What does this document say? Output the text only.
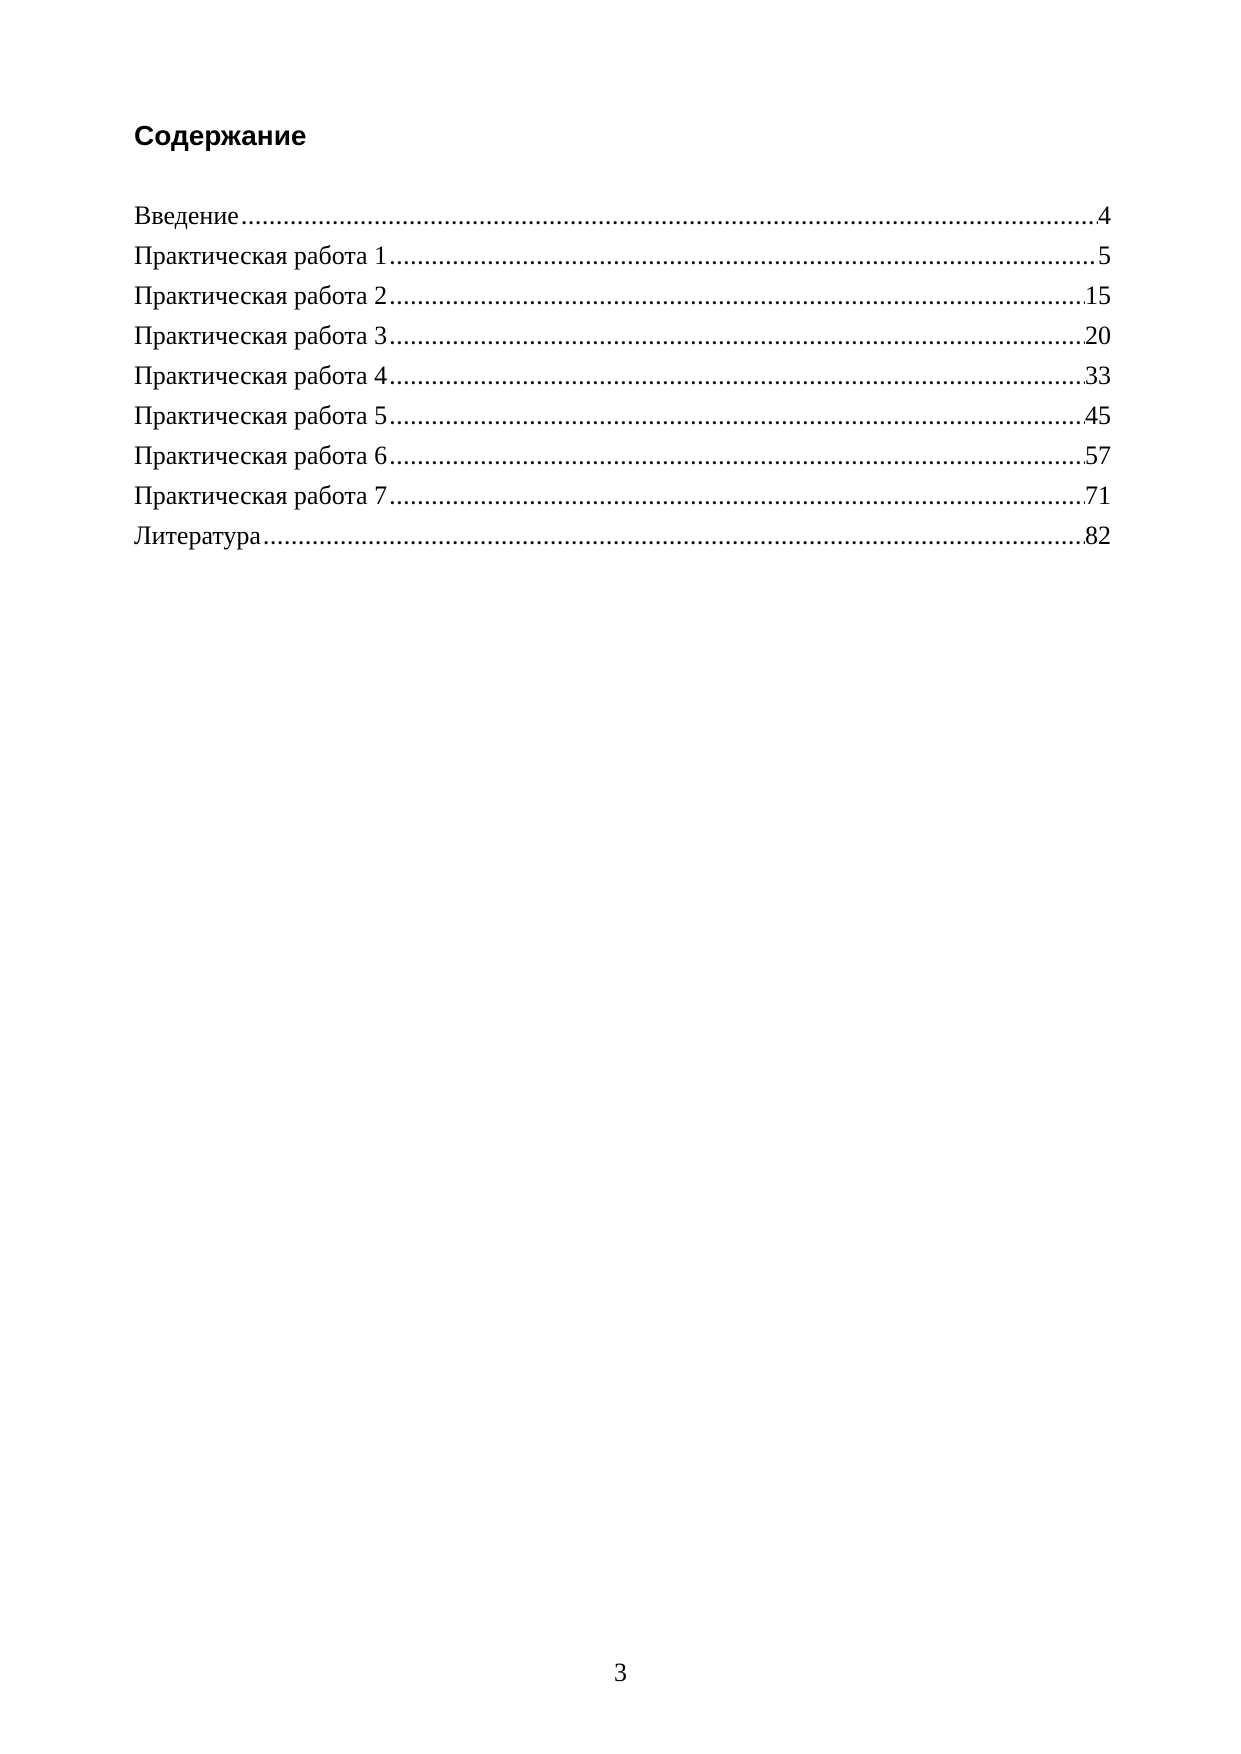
Содержание
Введение .....	4
Практическая работа 1 .....	5
Практическая работа 2 .....	15
Практическая работа 3 .....	20
Практическая работа 4 .....	33
Практическая работа 5 .....	45
Практическая работа 6 .....	57
Практическая работа 7 .....	71
Литература .....	82
3
